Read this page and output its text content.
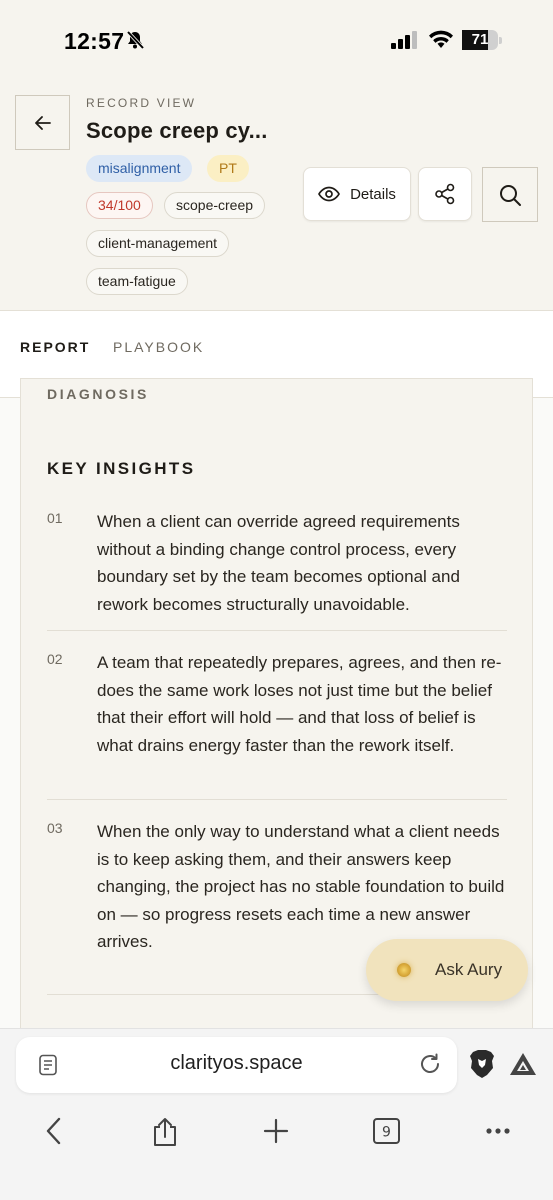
12:57	71
RECORD VIEW
Scope creep cy...
misalignment	PT
34/100	scope-creep
client-management
team-fatigue
Details
REPORT PLAYBOOK
DIAGNOSIS
KEY INSIGHTS
01 When a client can override agreed requirements without a binding change control process, every boundary set by the team becomes optional and rework becomes structurally unavoidable.

02 A team that repeatedly prepares, agrees, and then re-does the same work loses not just time but the belief that their effort will hold — and that loss of belief is what drains energy faster than the rework itself.

03 When the only way to understand what a client needs is to keep asking them, and their answers keep changing, the project has no stable foundation to build on — so progress resets each time a new answer arrives.

Ask Aury
clarityos.space
9
